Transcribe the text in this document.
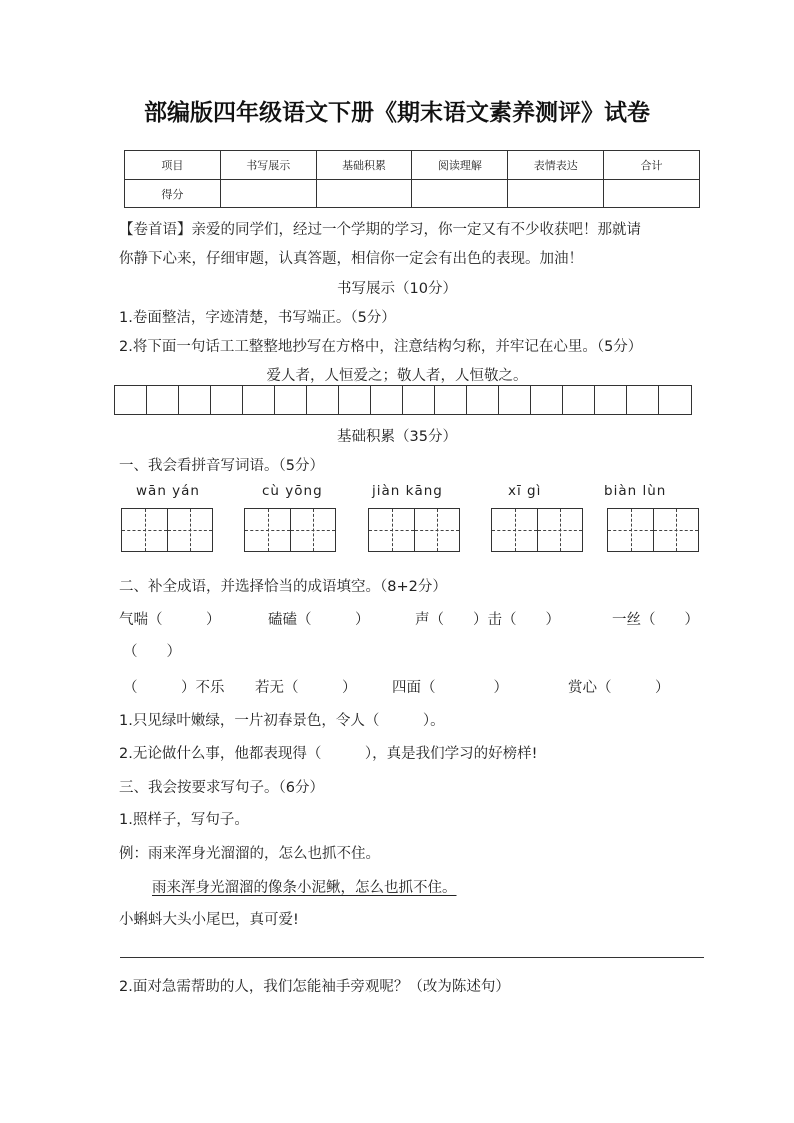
部编版四年级语文下册《期末语文素养测评》试卷
项目	书写展示	基础积累	阅读理解	表情表达	合计
得分					
【卷首语】亲爱的同学们，经过一个学期的学习，你一定又有不少收获吧！那就请
你静下心来，仔细审题，认真答题，相信你一定会有出色的表现。加油！
书写展示（10分）
1.卷面整洁，字迹清楚，书写端正。（5分）
2.将下面一句话工工整整地抄写在方格中，注意结构匀称，并牢记在心里。（5分）
爱人者，人恒爱之；敬人者，人恒敬之。
基础积累（35分）
一、我会看拼音写词语。（5分）
wān yán	cù yōng	jiàn kāng	xī gì	biàn lùn
二、补全成语，并选择恰当的成语填空。（8+2分）
气喘（　　　）	磕磕（　　　）	声（　　）击（　　）	一丝（　　）
（　　）
（　　　）不乐 若无（　　　） 四面（　　　　）	赏心（　　　）
1.只见绿叶嫩绿，一片初春景色，令人（　　　）。
2.无论做什么事，他都表现得（　　　），真是我们学习的好榜样!
三、我会按要求写句子。（6分）
1.照样子，写句子。
例：雨来浑身光溜溜的，怎么也抓不住。
雨来浑身光溜溜的像条小泥鳅，怎么也抓不住。
小蝌蚪大头小尾巴，真可爱!
2.面对急需帮助的人，我们怎能袖手旁观呢？（改为陈述句）
